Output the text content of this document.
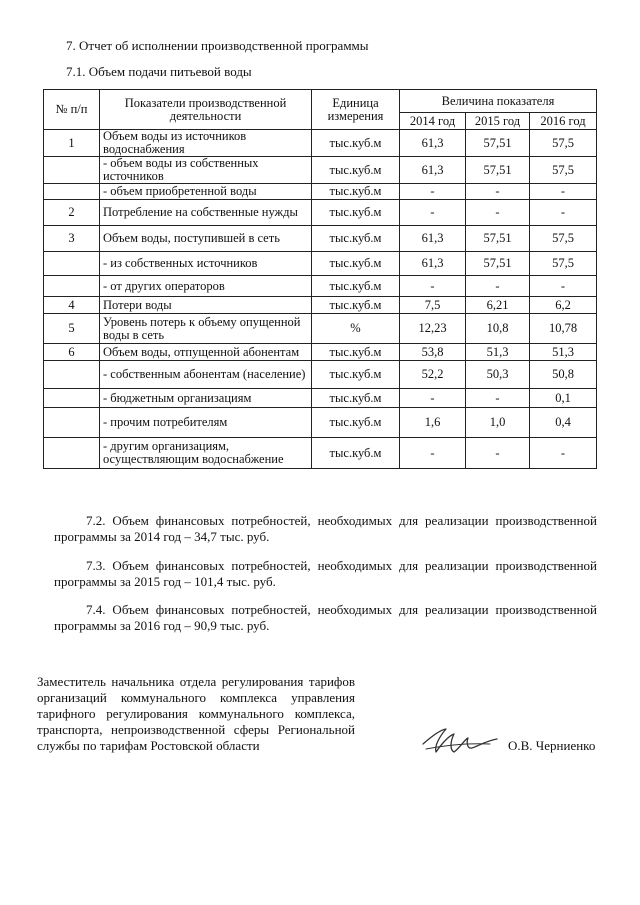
7. Отчет об исполнении производственной программы
7.1. Объем подачи питьевой воды
№ п/п	Показатели производственной деятельности	Единица измерения	Величина показателя		
			2014 год	2015 год	2016 год
1	Объем воды из источников водоснабжения	тыс.куб.м	61,3	57,51	57,5
	- объем воды из собственных источников	тыс.куб.м	61,3	57,51	57,5
	- объем приобретенной воды	тыс.куб.м	-	-	-
2	Потребление на собственные нужды	тыс.куб.м	-	-	-
3	Объем воды, поступившей в сеть	тыс.куб.м	61,3	57,51	57,5
	- из собственных источников	тыс.куб.м	61,3	57,51	57,5
	- от других операторов	тыс.куб.м	-	-	-
4	Потери воды	тыс.куб.м	7,5	6,21	6,2
5	Уровень потерь к объему опущенной воды в сеть	%	12,23	10,8	10,78
6	Объем воды, отпущенной абонентам	тыс.куб.м	53,8	51,3	51,3
	- собственным абонентам (население)	тыс.куб.м	52,2	50,3	50,8
	- бюджетным организациям	тыс.куб.м	-	-	0,1
	- прочим потребителям	тыс.куб.м	1,6	1,0	0,4
	- другим организациям, осуществляющим водоснабжение	тыс.куб.м	-	-	-
7.2. Объем финансовых потребностей, необходимых для реализации производственной
программы за 2014 год – 34,7 тыс. руб.
7.3. Объем финансовых потребностей, необходимых для реализации производственной
программы за 2015 год – 101,4 тыс. руб.
7.4. Объем финансовых потребностей, необходимых для реализации производственной
программы за 2016 год – 90,9 тыс. руб.
Заместитель начальника отдела регулирования тарифов
организаций коммунального комплекса управления
тарифного регулирования коммунального комплекса,
транспорта, непроизводственной сферы Региональной
службы по тарифам Ростовской области	О.В. Черниенко
